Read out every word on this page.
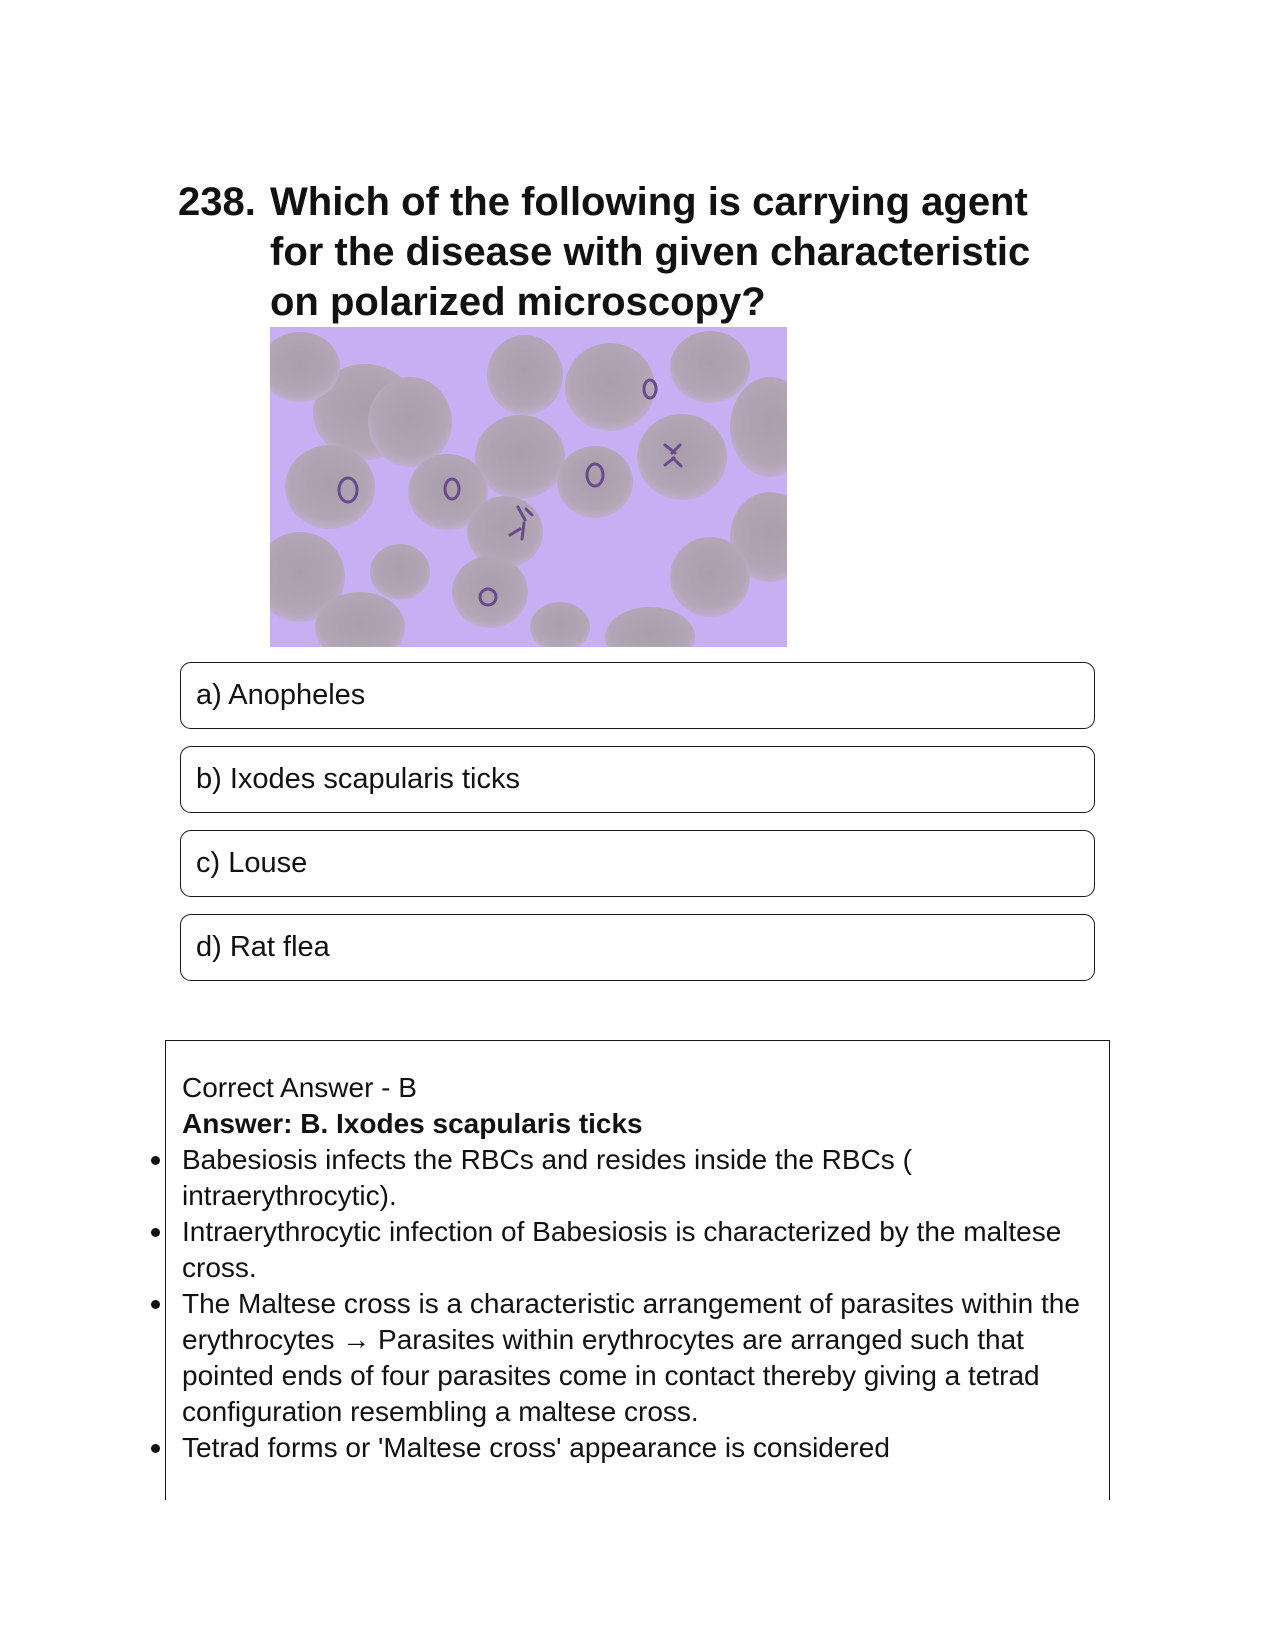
238. Which of the following is carrying agent for the disease with given characteristic on polarized microscopy?
a) Anopheles
b) Ixodes scapularis ticks
c) Louse
d) Rat flea

Correct Answer - B

Answer: B. Ixodes scapularis ticks

Babesiosis infects the RBCs and resides inside the RBCs ( intraerythrocytic).
Intraerythrocytic infection of Babesiosis is characterized by the maltese cross.
The Maltese cross is a characteristic arrangement of parasites within the erythrocytes → Parasites within erythrocytes are arranged such that pointed ends of four parasites come in contact thereby giving a tetrad configuration resembling a maltese cross.
Tetrad forms or 'Maltese cross' appearance is considered
